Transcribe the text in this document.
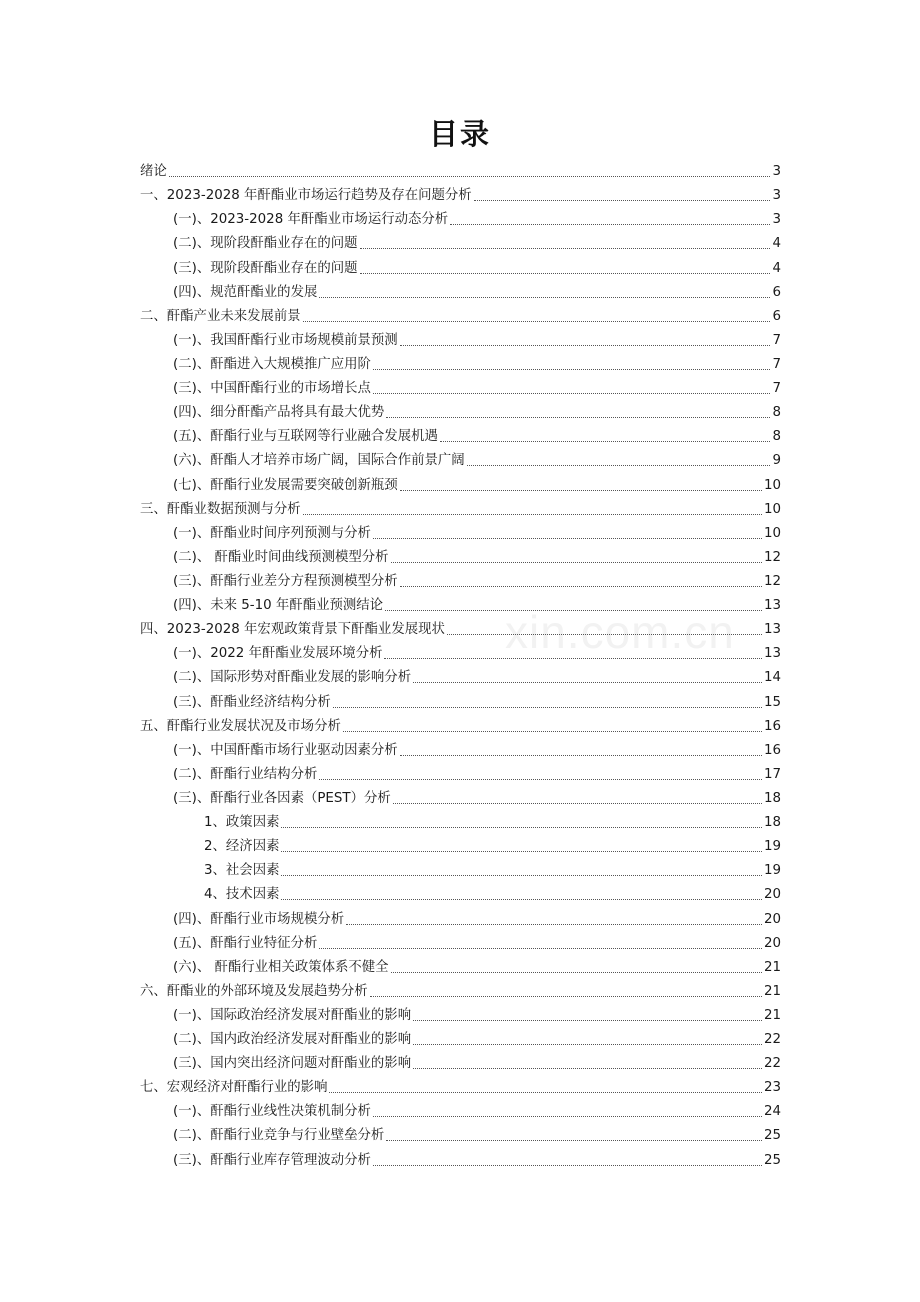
xin.com.cn
目录
绪论	3
一、2023-2028 年酐酯业市场运行趋势及存在问题分析	3
(一)、2023-2028 年酐酯业市场运行动态分析	3
(二)、现阶段酐酯业存在的问题	4
(三)、现阶段酐酯业存在的问题	4
(四)、规范酐酯业的发展	6
二、酐酯产业未来发展前景	6
(一)、我国酐酯行业市场规模前景预测	7
(二)、酐酯进入大规模推广应用阶	7
(三)、中国酐酯行业的市场增长点	7
(四)、细分酐酯产品将具有最大优势	8
(五)、酐酯行业与互联网等行业融合发展机遇	8
(六)、酐酯人才培养市场广阔，国际合作前景广阔	9
(七)、酐酯行业发展需要突破创新瓶颈	10
三、酐酯业数据预测与分析	10
(一)、酐酯业时间序列预测与分析	10
(二)、 酐酯业时间曲线预测模型分析	12
(三)、酐酯行业差分方程预测模型分析	12
(四)、未来 5-10 年酐酯业预测结论	13
四、2023-2028 年宏观政策背景下酐酯业发展现状	13
(一)、2022 年酐酯业发展环境分析	13
(二)、国际形势对酐酯业发展的影响分析	14
(三)、酐酯业经济结构分析	15
五、酐酯行业发展状况及市场分析	16
(一)、中国酐酯市场行业驱动因素分析	16
(二)、酐酯行业结构分析	17
(三)、酐酯行业各因素（PEST）分析	18
1、政策因素	18
2、经济因素	19
3、社会因素	19
4、技术因素	20
(四)、酐酯行业市场规模分析	20
(五)、酐酯行业特征分析	20
(六)、 酐酯行业相关政策体系不健全	21
六、酐酯业的外部环境及发展趋势分析	21
(一)、国际政治经济发展对酐酯业的影响	21
(二)、国内政治经济发展对酐酯业的影响	22
(三)、国内突出经济问题对酐酯业的影响	22
七、宏观经济对酐酯行业的影响	23
(一)、酐酯行业线性决策机制分析	24
(二)、酐酯行业竞争与行业壁垒分析	25
(三)、酐酯行业库存管理波动分析	25
